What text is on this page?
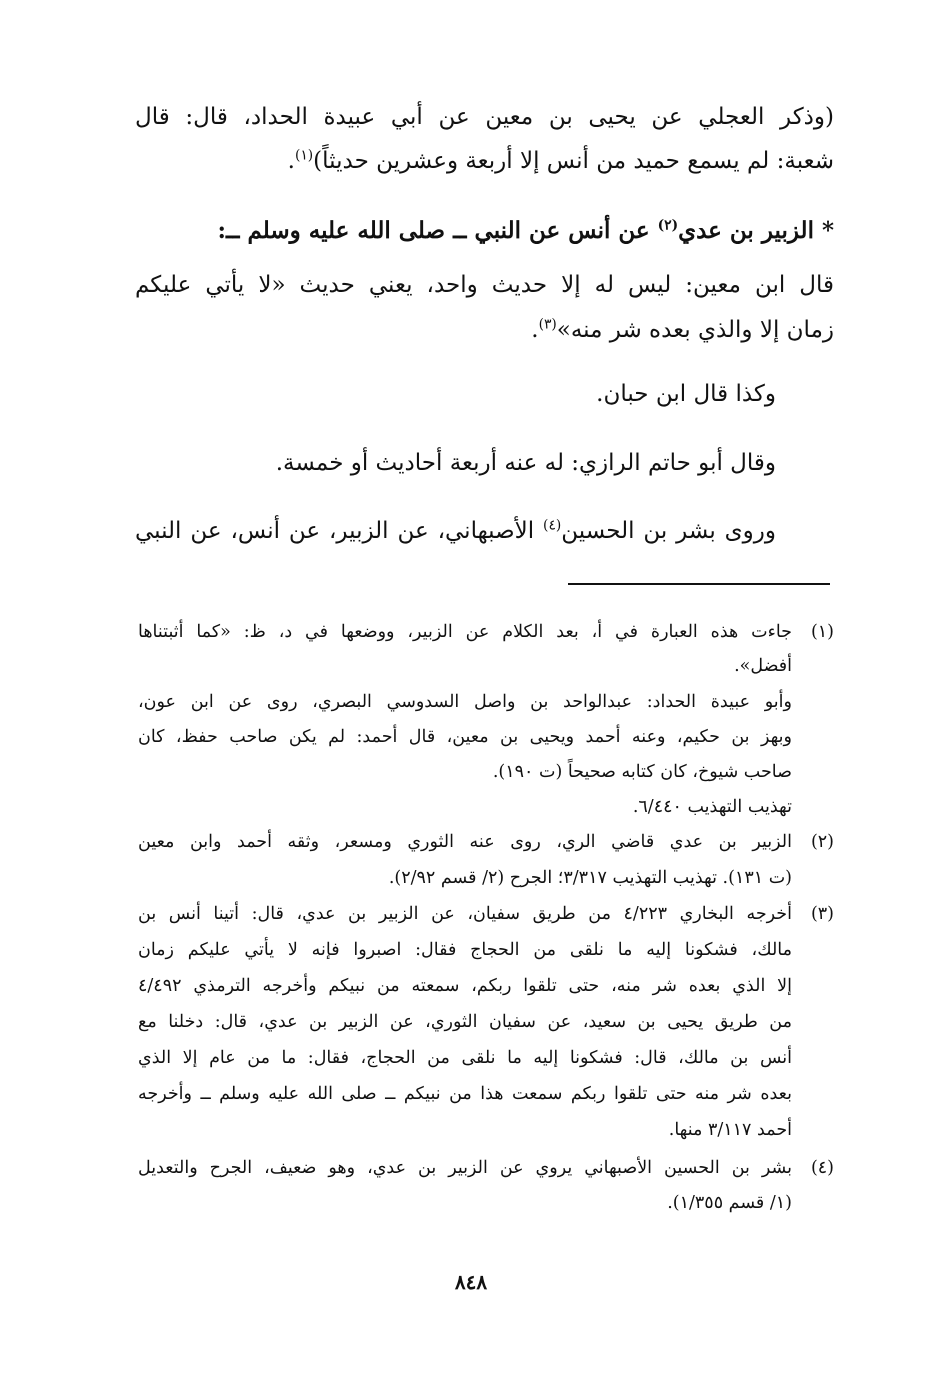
(وذكر العجلي عن يحيى بن معين عن أبي عبيدة الحداد، قال: قال
شعبة: لم يسمع حميد من أنس إلا أربعة وعشرين حديثاً)$^{(١)}$.
* الزبير بن عدي$^{(٢)}$ عن أنس عن النبي ــ صلى الله عليه وسلم ــ:
قال ابن معين: ليس له إلا حديث واحد، يعني حديث «لا يأتي عليكم
زمان إلا والذي بعده شر منه»$^{(٣)}$.
وكذا قال ابن حبان.
وقال أبو حاتم الرازي: له عنه أربعة أحاديث أو خمسة.
وروى بشر بن الحسين$^{(٤)}$ الأصبهاني، عن الزبير، عن أنس، عن النبي
(١)
جاءت هذه العبارة في أ، بعد الكلام عن الزبير، ووضعها في د، ظ: «كما أثبتناها
أفضل».
وأبو عبيدة الحداد: عبدالواحد بن واصل السدوسي البصري، روى عن ابن عون،
وبهز بن حكيم، وعنه أحمد ويحيى بن معين، قال أحمد: لم يكن صاحب حفظ، كان
صاحب شيوخ، كان كتابه صحيحاً (ت ١٩٠).
تهذيب التهذيب ٦/٤٤٠.
(٢)
الزبير بن عدي قاضي الري، روى عنه الثوري ومسعر، وثقه أحمد وابن معين
(ت ١٣١). تهذيب التهذيب ٣/٣١٧؛ الجرح (٢/ قسم ٢/٩٢).
(٣)
أخرجه البخاري ٤/٢٢٣ من طريق سفيان، عن الزبير بن عدي، قال: أتينا أنس بن
مالك، فشكونا إليه ما نلقى من الحجاج فقال: اصبروا فإنه لا يأتي عليكم زمان
إلا الذي بعده شر منه، حتى تلقوا ربكم، سمعته من نبيكم وأخرجه الترمذي ٤/٤٩٢
من طريق يحيى بن سعيد، عن سفيان الثوري، عن الزبير بن عدي، قال: دخلنا مع
أنس بن مالك، قال: فشكونا إليه ما نلقى من الحجاج، فقال: ما من عام إلا الذي
بعده شر منه حتى تلقوا ربكم سمعت هذا من نبيكم ــ صلى الله عليه وسلم ــ وأخرجه
أحمد ٣/١١٧ منها.
(٤)
بشر بن الحسين الأصبهاني يروي عن الزبير بن عدي، وهو ضعيف، الجرح والتعديل
(١/ قسم ١/٣٥٥).
٨٤٨
